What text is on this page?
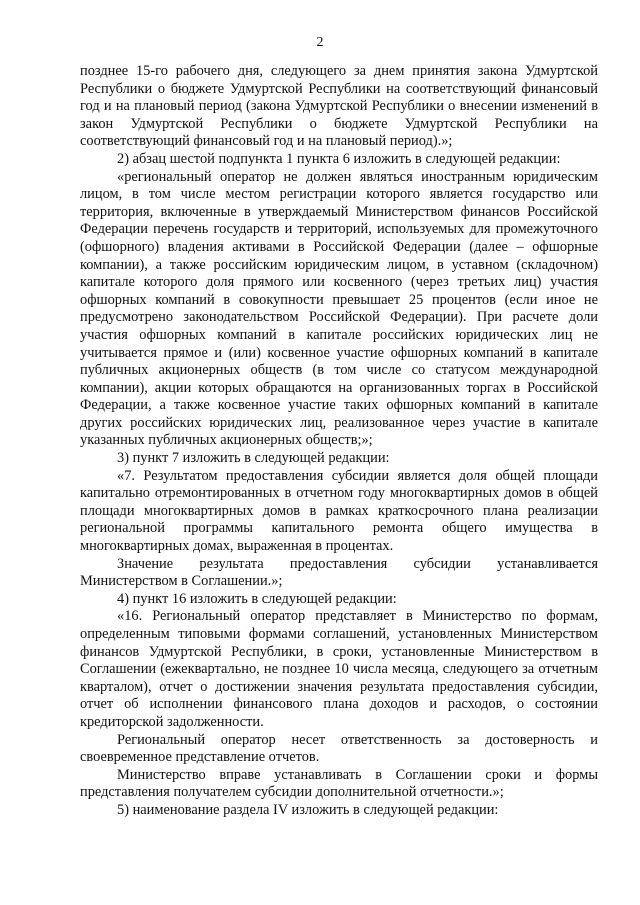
2

позднее 15-го рабочего дня, следующего за днем принятия закона Удмуртской Республики о бюджете Удмуртской Республики на соответствующий финансовый год и на плановый период (закона Удмуртской Республики о внесении изменений в закон Удмуртской Республики о бюджете Удмуртской Республики на соответствующий финансовый год и на плановый период).»;

2) абзац шестой подпункта 1 пункта 6 изложить в следующей редакции:

«региональный оператор не должен являться иностранным юридическим лицом, в том числе местом регистрации которого является государство или территория, включенные в утверждаемый Министерством финансов Российской Федерации перечень государств и территорий, используемых для промежуточного (офшорного) владения активами в Российской Федерации (далее – офшорные компании), а также российским юридическим лицом, в уставном (складочном) капитале которого доля прямого или косвенного (через третьих лиц) участия офшорных компаний в совокупности превышает 25 процентов (если иное не предусмотрено законодательством Российской Федерации). При расчете доли участия офшорных компаний в капитале российских юридических лиц не учитывается прямое и (или) косвенное участие офшорных компаний в капитале публичных акционерных обществ (в том числе со статусом международной компании), акции которых обращаются на организованных торгах в Российской Федерации, а также косвенное участие таких офшорных компаний в капитале других российских юридических лиц, реализованное через участие в капитале указанных публичных акционерных обществ;»;

3) пункт 7 изложить в следующей редакции:

«7. Результатом предоставления субсидии является доля общей площади капитально отремонтированных в отчетном году многоквартирных домов в общей площади многоквартирных домов в рамках краткосрочного плана реализации региональной программы капитального ремонта общего имущества в многоквартирных домах, выраженная в процентах.

Значение результата предоставления субсидии устанавливается Министерством в Соглашении.»;

4) пункт 16 изложить в следующей редакции:

«16. Региональный оператор представляет в Министерство по формам, определенным типовыми формами соглашений, установленных Министерством финансов Удмуртской Республики, в сроки, установленные Министерством в Соглашении (ежеквартально, не позднее 10 числа месяца, следующего за отчетным кварталом), отчет о достижении значения результата предоставления субсидии, отчет об исполнении финансового плана доходов и расходов, о состоянии кредиторской задолженности.

Региональный оператор несет ответственность за достоверность и своевременное представление отчетов.

Министерство вправе устанавливать в Соглашении сроки и формы представления получателем субсидии дополнительной отчетности.»;

5) наименование раздела IV изложить в следующей редакции:
